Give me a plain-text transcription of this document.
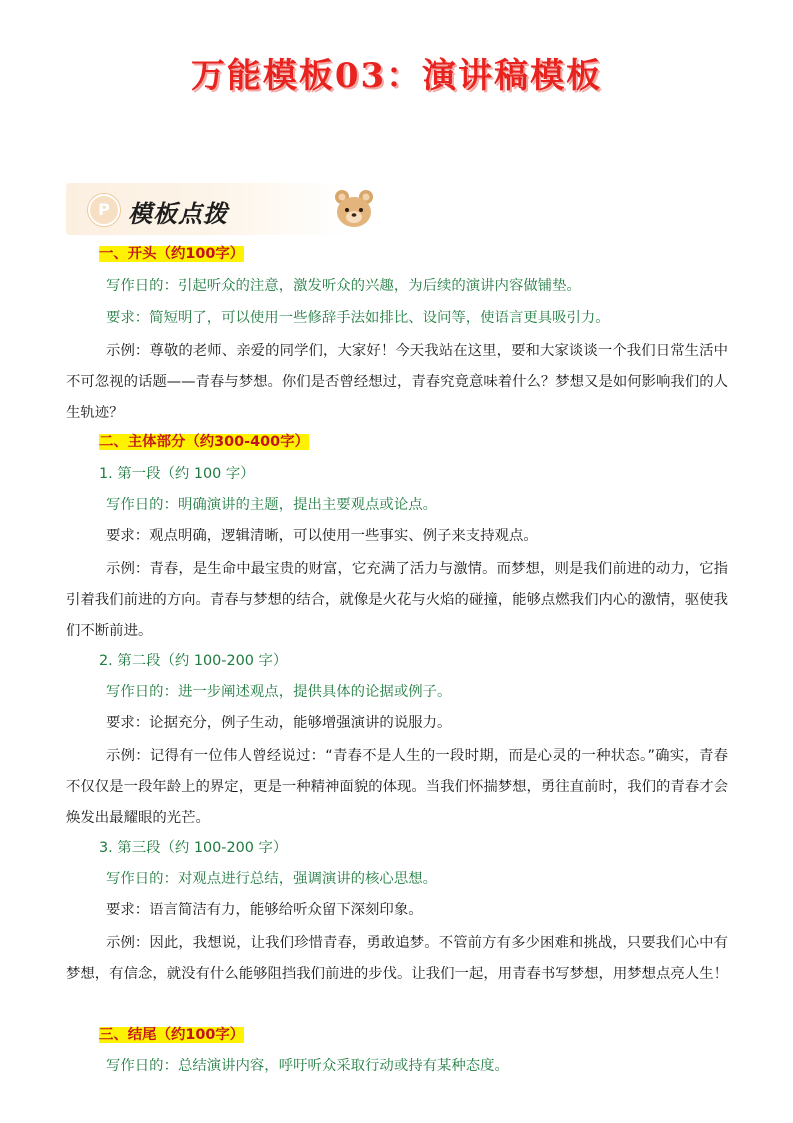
万能模板03：演讲稿模板
P 模板点拨
一、开头（约100字）
写作日的：引起听众的注意，激发听众的兴趣，为后续的演讲内容做铺垫。
要求：简短明了，可以使用一些修辞手法如排比、设问等，使语言更具吸引力。
示例：尊敬的老师、亲爱的同学们，大家好！今天我站在这里，要和大家谈谈一个我们日常生活中不可忽视的话题——青春与梦想。你们是否曾经想过，青春究竟意味着什么？梦想又是如何影响我们的人生轨迹？
二、主体部分（约300-400字）
1. 第一段（约 100 字）
写作日的：明确演讲的主题，提出主要观点或论点。
要求：观点明确，逻辑清晰，可以使用一些事实、例子来支持观点。
示例：青春，是生命中最宝贵的财富，它充满了活力与激情。而梦想，则是我们前进的动力，它指引着我们前进的方向。青春与梦想的结合，就像是火花与火焰的碰撞，能够点燃我们内心的激情，驱使我们不断前进。
2. 第二段（约 100-200 字）
写作日的：进一步阐述观点，提供具体的论据或例子。
要求：论据充分，例子生动，能够增强演讲的说服力。
示例：记得有一位伟人曾经说过：“青春不是人生的一段时期，而是心灵的一种状态。”确实，青春不仅仅是一段年龄上的界定，更是一种精神面貌的体现。当我们怀揣梦想，勇往直前时，我们的青春才会焕发出最耀眼的光芒。
3. 第三段（约 100-200 字）
写作日的：对观点进行总结，强调演讲的核心思想。
要求：语言简洁有力，能够给听众留下深刻印象。
示例：因此，我想说，让我们珍惜青春，勇敢追梦。不管前方有多少困难和挑战，只要我们心中有梦想，有信念，就没有什么能够阻挡我们前进的步伐。让我们一起，用青春书写梦想，用梦想点亮人生！
三、结尾（约100字）
写作日的：总结演讲内容，呼吁听众采取行动或持有某种态度。
